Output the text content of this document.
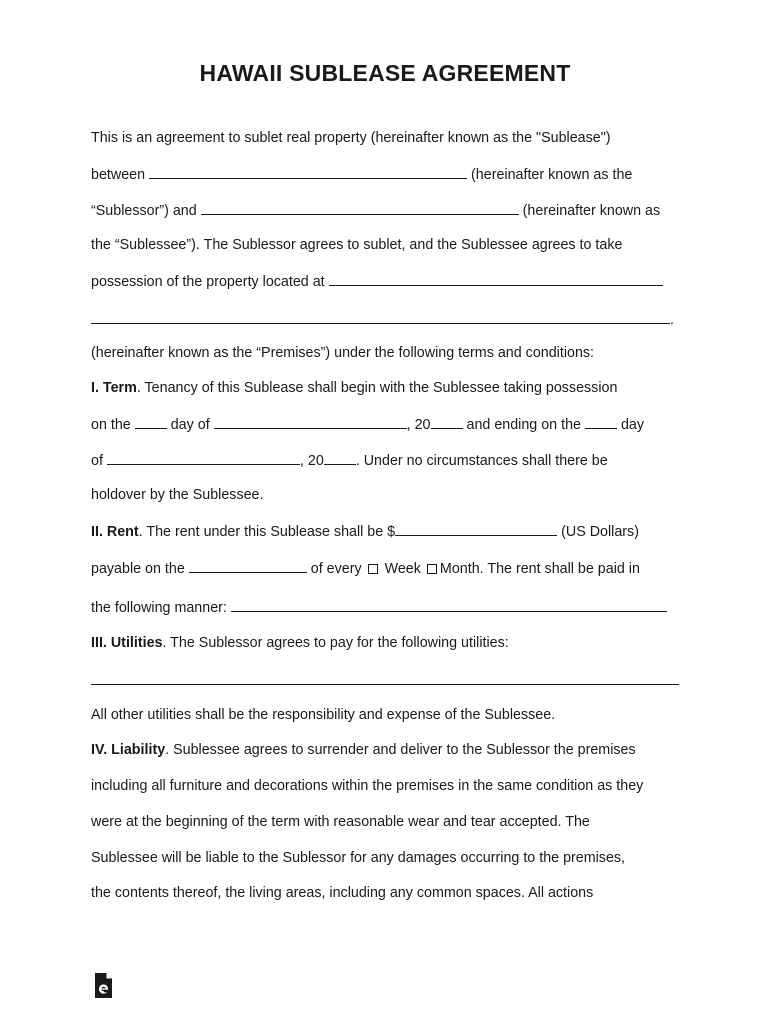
HAWAII SUBLEASE AGREEMENT
This is an agreement to sublet real property (hereinafter known as the "Sublease")
between	(hereinafter known as the
“Sublessor”) and	(hereinafter known as
the “Sublessee”). The Sublessor agrees to sublet, and the Sublessee agrees to take
possession of the property located at
.
(hereinafter known as the “Premises”) under the following terms and conditions:
I. Term. Tenancy of this Sublease shall begin with the Sublessee taking possession
on the	day of	, 20	and ending on the	day
of	, 20 . Under no circumstances shall there be
holdover by the Sublessee.
II. Rent. The rent under this Sublease shall be $	(US Dollars)
payable on the	of every Week Month. The rent shall be paid in
the following manner:
III. Utilities. The Sublessor agrees to pay for the following utilities:
All other utilities shall be the responsibility and expense of the Sublessee.
IV. Liability. Sublessee agrees to surrender and deliver to the Sublessor the premises
including all furniture and decorations within the premises in the same condition as they
were at the beginning of the term with reasonable wear and tear accepted. The
Sublessee will be liable to the Sublessor for any damages occurring to the premises,
the contents thereof, the living areas, including any common spaces. All actions
